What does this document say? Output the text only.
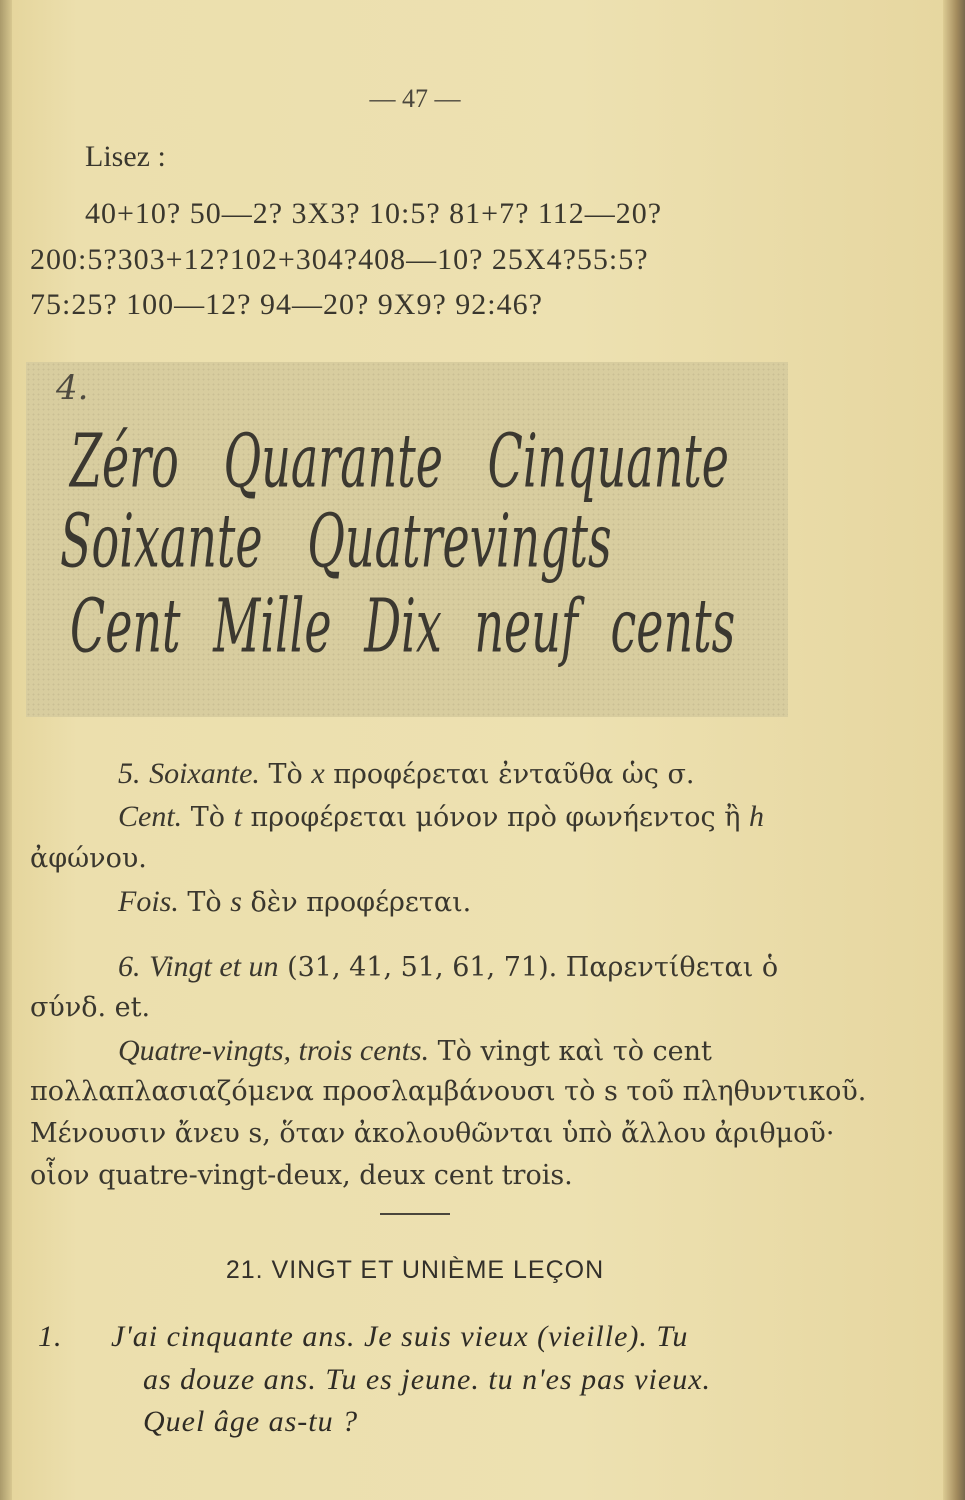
— 47 —
Lisez :
40+10? 50—2? 3X3? 10:5? 81+7? 112—20?
200:5?303+12?102+304?408—10? 25X4?55:5?
75:25? 100—12? 94—20? 9X9? 92:46?
4.
Zéro Quarante Cinquante
Soixante Quatrevingts
Cent Mille Dix neuf cents
5. Soixante. Τὸ x προφέρεται ἐνταῦθα ὡς σ.
Cent. Τὸ t προφέρεται μόνον πρὸ φωνήεντος ἢ h
ἀφώνου.
Fois. Τὸ s δὲν προφέρεται.
6. Vingt et un (31, 41, 51, 61, 71). Παρεντίθεται ὁ
σύνδ. et.
Quatre-vingts, trois cents. Τὸ vingt καὶ τὸ cent
πολλαπλασιαζόμενα προσλαμβάνουσι τὸ s τοῦ πληθυντικοῦ.
Μένουσιν ἄνευ s, ὅταν ἀκολουθῶνται ὑπὸ ἄλλου ἀριθμοῦ·
οἷον quatre-vingt-deux, deux cent trois.
21. VINGT ET UNIÈME LEÇON
1. J'ai cinquante ans. Je suis vieux (vieille). Tu
as douze ans. Tu es jeune. tu n'es pas vieux.
Quel âge as-tu ?
